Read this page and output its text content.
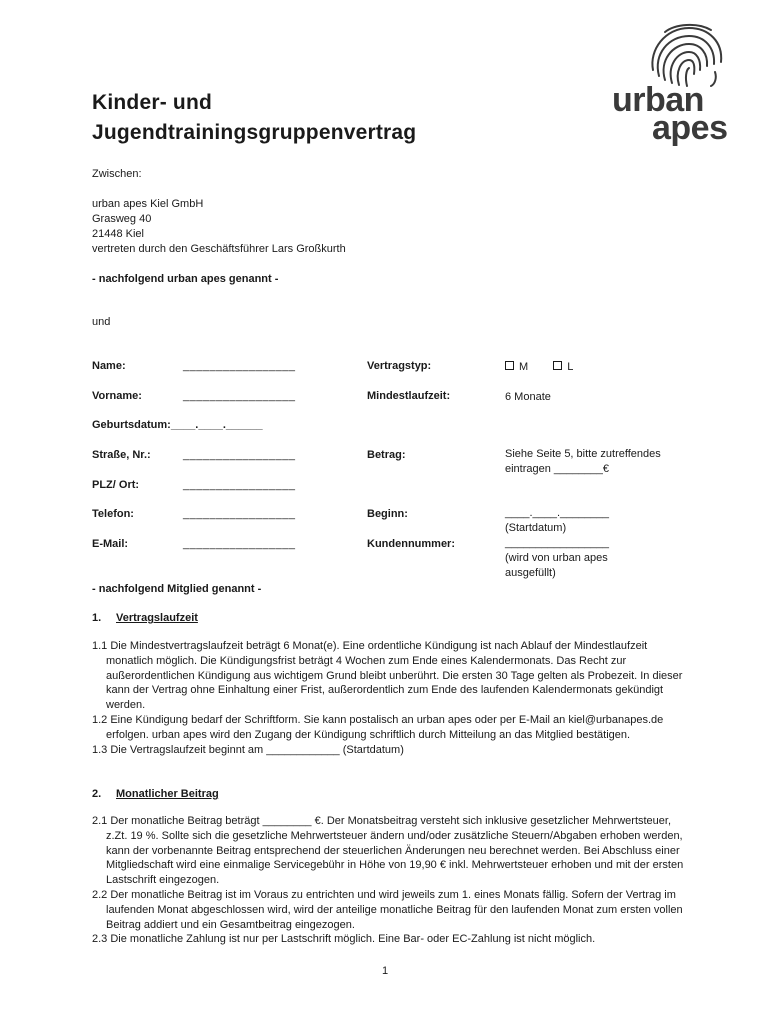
Kinder- und
Jugendtrainingsgruppenvertrag
urban
apes
Zwischen:
urban apes Kiel GmbH
Grasweg 40
21448 Kiel
vertreten durch den Geschäftsführer Lars Großkurth
- nachfolgend urban apes genannt -
und
Name:	_________________
Vorname:	_________________
Geburtsdatum:____.____.______
Straße, Nr.:	_________________
PLZ/ Ort:	_________________
Telefon:	_________________
E-Mail:	_________________
Vertragstyp:	M	L
Mindestlaufzeit:	6 Monate
Betrag:	Siehe Seite 5, bitte zutreffendes
eintragen ________€
Beginn:	____.____.________
(Startdatum)
Kundennummer:	_________________
(wird von urban apes
ausgefüllt)
- nachfolgend Mitglied genannt -
1. Vertragslaufzeit
1.1 Die Mindestvertragslaufzeit beträgt 6 Monat(e). Eine ordentliche Kündigung ist nach Ablauf der Mindestlaufzeit monatlich möglich. Die Kündigungsfrist beträgt 4 Wochen zum Ende eines Kalendermonats. Das Recht zur außerordentlichen Kündigung aus wichtigem Grund bleibt unberührt. Die ersten 30 Tage gelten als Probezeit. In dieser kann der Vertrag ohne Einhaltung einer Frist, außerordentlich zum Ende des laufenden Kalendermonats gekündigt werden.
1.2 Eine Kündigung bedarf der Schriftform. Sie kann postalisch an urban apes oder per E-Mail an kiel@urbanapes.de erfolgen. urban apes wird den Zugang der Kündigung schriftlich durch Mitteilung an das Mitglied bestätigen.
1.3 Die Vertragslaufzeit beginnt am ____________ (Startdatum)
2. Monatlicher Beitrag
2.1 Der monatliche Beitrag beträgt ________ €. Der Monatsbeitrag versteht sich inklusive gesetzlicher Mehrwertsteuer, z.Zt. 19 %. Sollte sich die gesetzliche Mehrwertsteuer ändern und/oder zusätzliche Steuern/Abgaben erhoben werden, kann der vorbenannte Beitrag entsprechend der steuerlichen Änderungen neu berechnet werden. Bei Abschluss einer Mitgliedschaft wird eine einmalige Servicegebühr in Höhe von 19,90 € inkl. Mehrwertsteuer erhoben und mit der ersten Lastschrift eingezogen.
2.2 Der monatliche Beitrag ist im Voraus zu entrichten und wird jeweils zum 1. eines Monats fällig. Sofern der Vertrag im laufenden Monat abgeschlossen wird, wird der anteilige monatliche Beitrag für den laufenden Monat zum ersten vollen Beitrag addiert und ein Gesamtbeitrag eingezogen.
2.3 Die monatliche Zahlung ist nur per Lastschrift möglich. Eine Bar- oder EC-Zahlung ist nicht möglich.
1
